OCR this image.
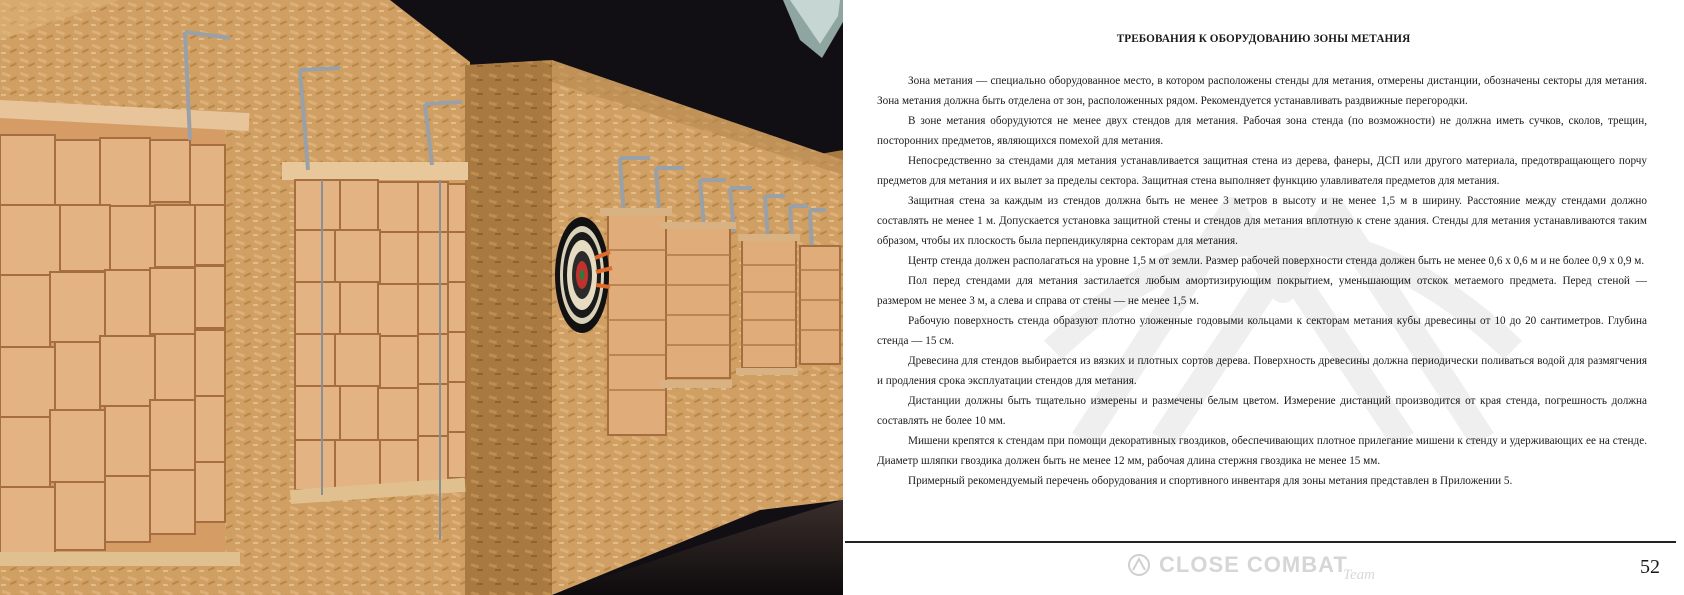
ТРЕБОВАНИЯ К ОБОРУДОВАНИЮ ЗОНЫ МЕТАНИЯ

Зона метания — специально оборудованное место, в котором расположены стенды для метания, отмерены дистанции, обозначены секторы для метания. Зона метания должна быть отделена от зон, расположенных рядом. Рекомендуется устанавливать раздвижные перегородки.

В зоне метания оборудуются не менее двух стендов для метания. Рабочая зона стенда (по возможности) не должна иметь сучков, сколов, трещин, посторонних предметов, являющихся помехой для метания.

Непосредственно за стендами для метания устанавливается защитная стена из дерева, фанеры, ДСП или другого материала, предотвращающего порчу предметов для метания и их вылет за пределы сектора. Защитная стена выполняет функцию улавливателя предметов для метания.

Защитная стена за каждым из стендов должна быть не менее 3 метров в высоту и не менее 1,5 м в ширину. Расстояние между стендами должно составлять не менее 1 м. Допускается установка защитной стены и стендов для метания вплотную к стене здания. Стенды для метания устанавливаются таким образом, чтобы их плоскость была перпендикулярна секторам для метания.

Центр стенда должен располагаться на уровне 1,5 м от земли. Размер рабочей поверхности стенда должен быть не менее 0,6 х 0,6 м и не более 0,9 х 0,9 м.

Пол перед стендами для метания застилается любым амортизирующим покрытием, уменьшающим отскок метаемого предмета. Перед стеной — размером не менее 3 м, а слева и справа от стены — не менее 1,5 м.

Рабочую поверхность стенда образуют плотно уложенные годовыми кольцами к секторам метания кубы древесины от 10 до 20 сантиметров. Глубина стенда — 15 см.

Древесина для стендов выбирается из вязких и плотных сортов дерева. Поверхность древесины должна периодически поливаться водой для размягчения и продления срока эксплуатации стендов для метания.

Дистанции должны быть тщательно измерены и размечены белым цветом. Измерение дистанций производится от края стенда, погрешность должна составлять не более 10 мм.

Мишени крепятся к стендам при помощи декоративных гвоздиков, обеспечивающих плотное прилегание мишени к стенду и удерживающих ее на стенде. Диаметр шляпки гвоздика должен быть не менее 12 мм, рабочая длина стержня гвоздика не менее 15 мм.

Примерный рекомендуемый перечень оборудования и спортивного инвентаря для зоны метания представлен в Приложении 5.

CLOSE COMBAT
Team	52
